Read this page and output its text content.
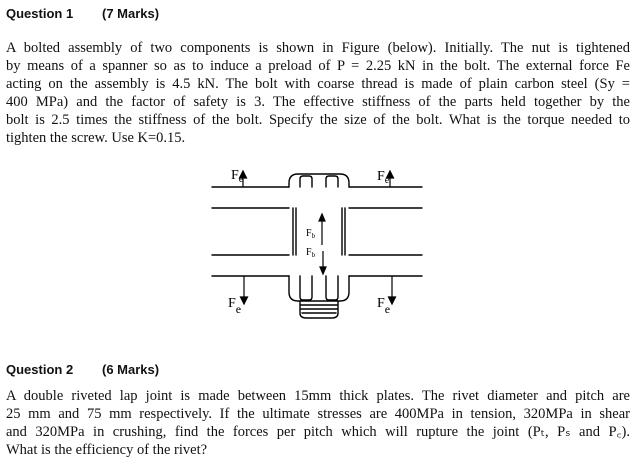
Question 1 (7 Marks)
A bolted assembly of two components is shown in Figure (below). Initially. The nut is tightened
by means of a spanner so as to induce a preload of P = 2.25 kN in the bolt. The external force Fe
acting on the assembly is 4.5 kN. The bolt with coarse thread is made of plain carbon steel (Sy =
400 MPa) and the factor of safety is 3. The effective stiffness of the parts held together by the
bolt is 2.5 times the stiffness of the bolt. Specify the size of the bolt. What is the torque needed to
tighten the screw. Use K=0.15.
$F_e$	$F_e$
Fe	Fe
$F_b$
$F_b$
Question 2 (6 Marks)
A double riveted lap joint is made between 15mm thick plates. The rivet diameter and pitch are
25 mm and 75 mm respectively. If the ultimate stresses are 400MPa in tension, 320MPa in shear
and 320MPa in crushing, find the forces per pitch which will rupture the joint (Pₜ, Pₛ and P꜀).
What is the efficiency of the rivet?
